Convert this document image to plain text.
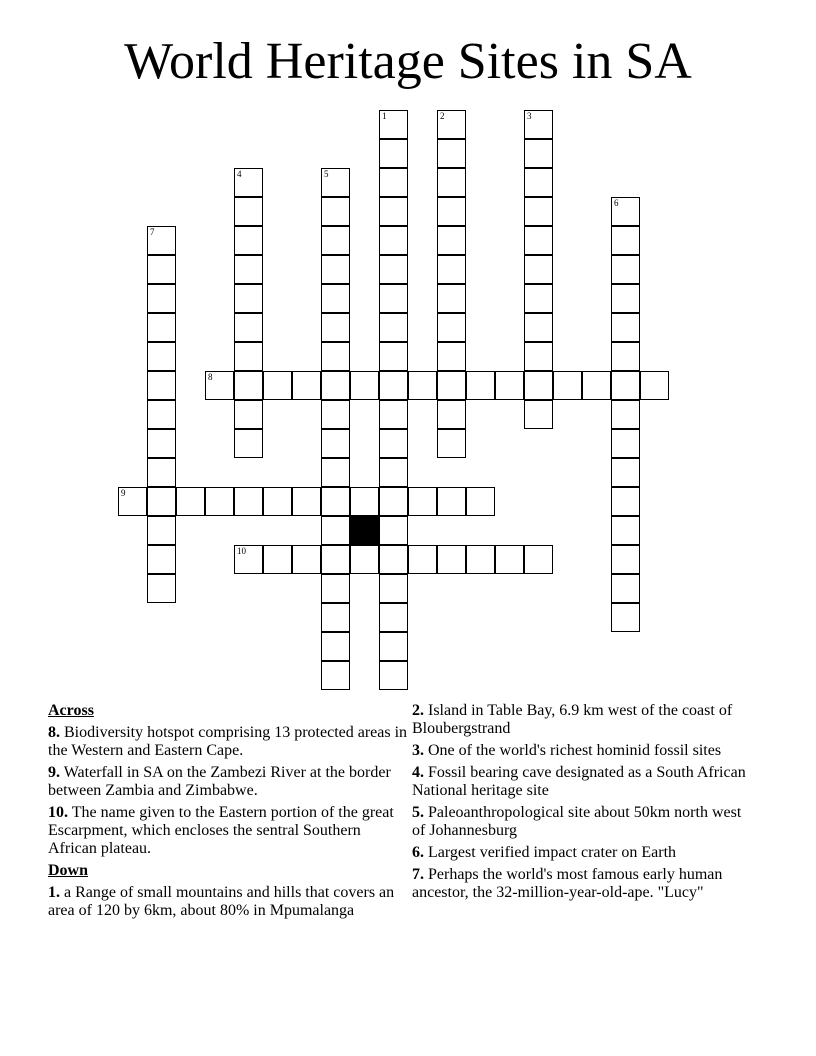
World Heritage Sites in SA
1	2	3
4	5
6
7
8
9
10
Across
8. Biodiversity hotspot comprising 13 protected areas in the Western and Eastern Cape.
9. Waterfall in SA on the Zambezi River at the border between Zambia and Zimbabwe.
10. The name given to the Eastern portion of the great Escarpment, which encloses the sentral Southern African plateau.
Down
1. a Range of small mountains and hills that covers an area of 120 by 6km, about 80% in Mpumalanga
2. Island in Table Bay, 6.9 km west of the coast of Bloubergstrand
3. One of the world's richest hominid fossil sites
4. Fossil bearing cave designated as a South African National heritage site
5. Paleoanthropological site about 50km north west of Johannesburg
6. Largest verified impact crater on Earth
7. Perhaps the world's most famous early human ancestor, the 32-million-year-old-ape. "Lucy"
